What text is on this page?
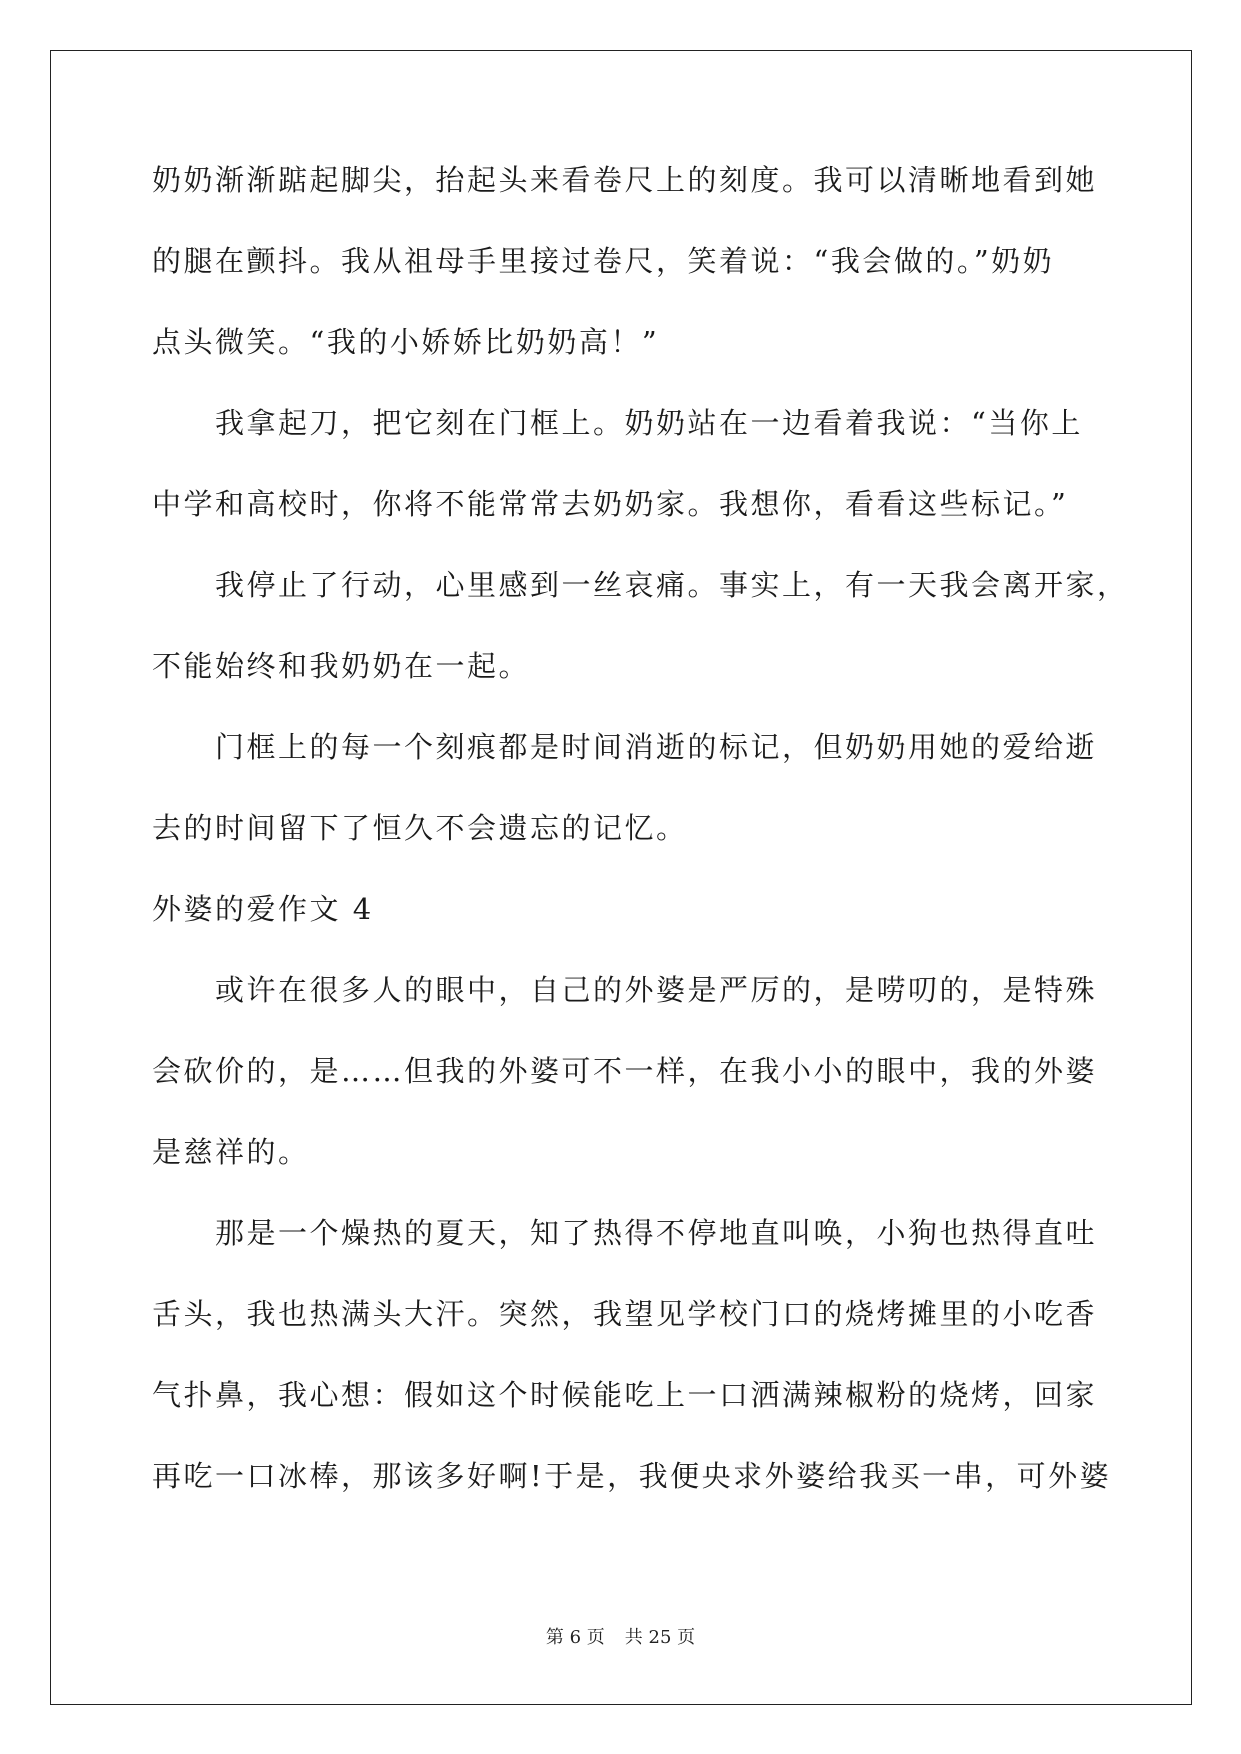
奶奶渐渐踮起脚尖，抬起头来看卷尺上的刻度。我可以清晰地看到她
的腿在颤抖。我从祖母手里接过卷尺，笑着说：“我会做的。”奶奶
点头微笑。“我的小娇娇比奶奶高！”
　　我拿起刀，把它刻在门框上。奶奶站在一边看着我说：“当你上
中学和高校时，你将不能常常去奶奶家。我想你，看看这些标记。”
　　我停止了行动，心里感到一丝哀痛。事实上，有一天我会离开家，
不能始终和我奶奶在一起。
　　门框上的每一个刻痕都是时间消逝的标记，但奶奶用她的爱给逝
去的时间留下了恒久不会遗忘的记忆。
外婆的爱作文 4
　　或许在很多人的眼中，自己的外婆是严厉的，是唠叨的，是特殊
会砍价的，是……但我的外婆可不一样，在我小小的眼中，我的外婆
是慈祥的。
　　那是一个燥热的夏天，知了热得不停地直叫唤，小狗也热得直吐
舌头，我也热满头大汗。突然，我望见学校门口的烧烤摊里的小吃香
气扑鼻，我心想：假如这个时候能吃上一口洒满辣椒粉的烧烤，回家
再吃一口冰棒，那该多好啊!于是，我便央求外婆给我买一串，可外婆
第 6 页 共 25 页
